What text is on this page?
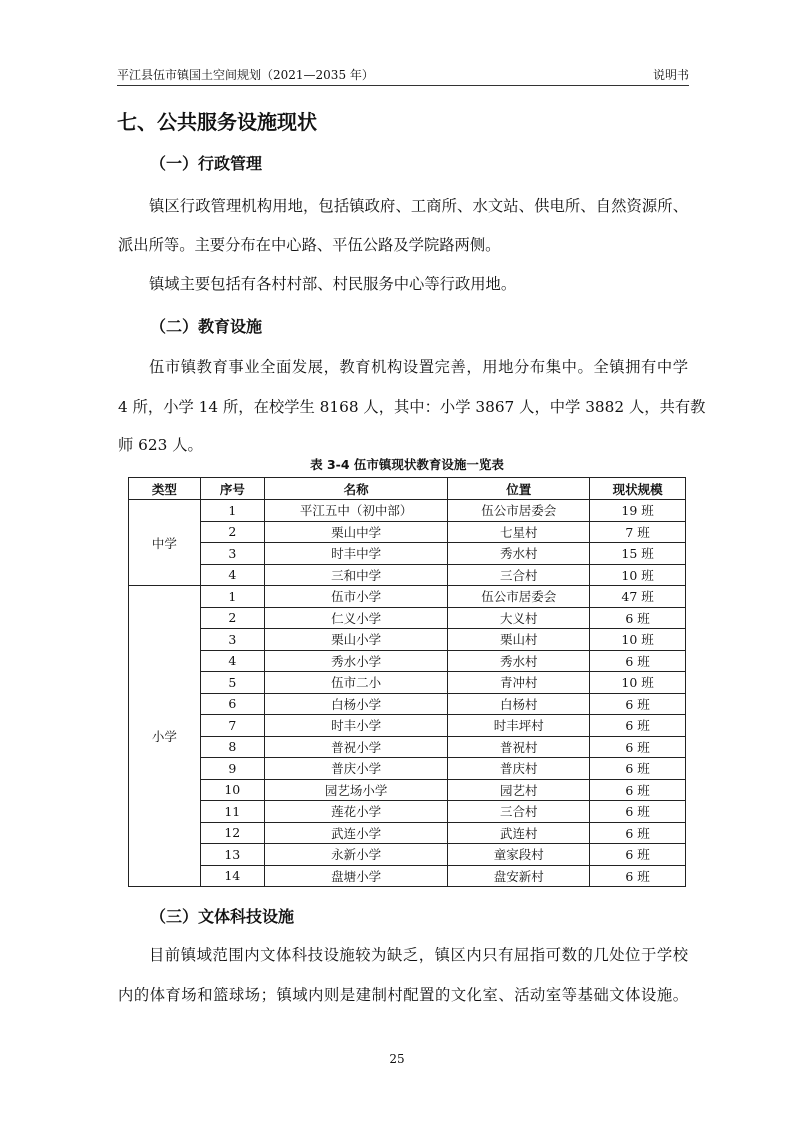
平江县伍市镇国土空间规划（2021—2035 年）	说明书
七、公共服务设施现状
（一）行政管理
镇区行政管理机构用地，包括镇政府、工商所、水文站、供电所、自然资源所、
派出所等。主要分布在中心路、平伍公路及学院路两侧。
镇域主要包括有各村村部、村民服务中心等行政用地。
（二）教育设施
伍市镇教育事业全面发展，教育机构设置完善，用地分布集中。全镇拥有中学
4 所，小学 14 所，在校学生 8168 人，其中：小学 3867 人，中学 3882 人，共有教
师 623 人。
表 3-4 伍市镇现状教育设施一览表
类型	序号	名称	位置	现状规模
中学	1	平江五中（初中部）	伍公市居委会	19 班
	2	栗山中学	七星村	7 班
	3	时丰中学	秀水村	15 班
	4	三和中学	三合村	10 班
小学	1	伍市小学	伍公市居委会	47 班
	2	仁义小学	大义村	6 班
	3	栗山小学	栗山村	10 班
	4	秀水小学	秀水村	6 班
	5	伍市二小	青冲村	10 班
	6	白杨小学	白杨村	6 班
	7	时丰小学	时丰坪村	6 班
	8	普祝小学	普祝村	6 班
	9	普庆小学	普庆村	6 班
	10	园艺场小学	园艺村	6 班
	11	莲花小学	三合村	6 班
	12	武连小学	武连村	6 班
	13	永新小学	童家段村	6 班
	14	盘塘小学	盘安新村	6 班
（三）文体科技设施
目前镇域范围内文体科技设施较为缺乏，镇区内只有屈指可数的几处位于学校
内的体育场和篮球场；镇域内则是建制村配置的文化室、活动室等基础文体设施。
25
